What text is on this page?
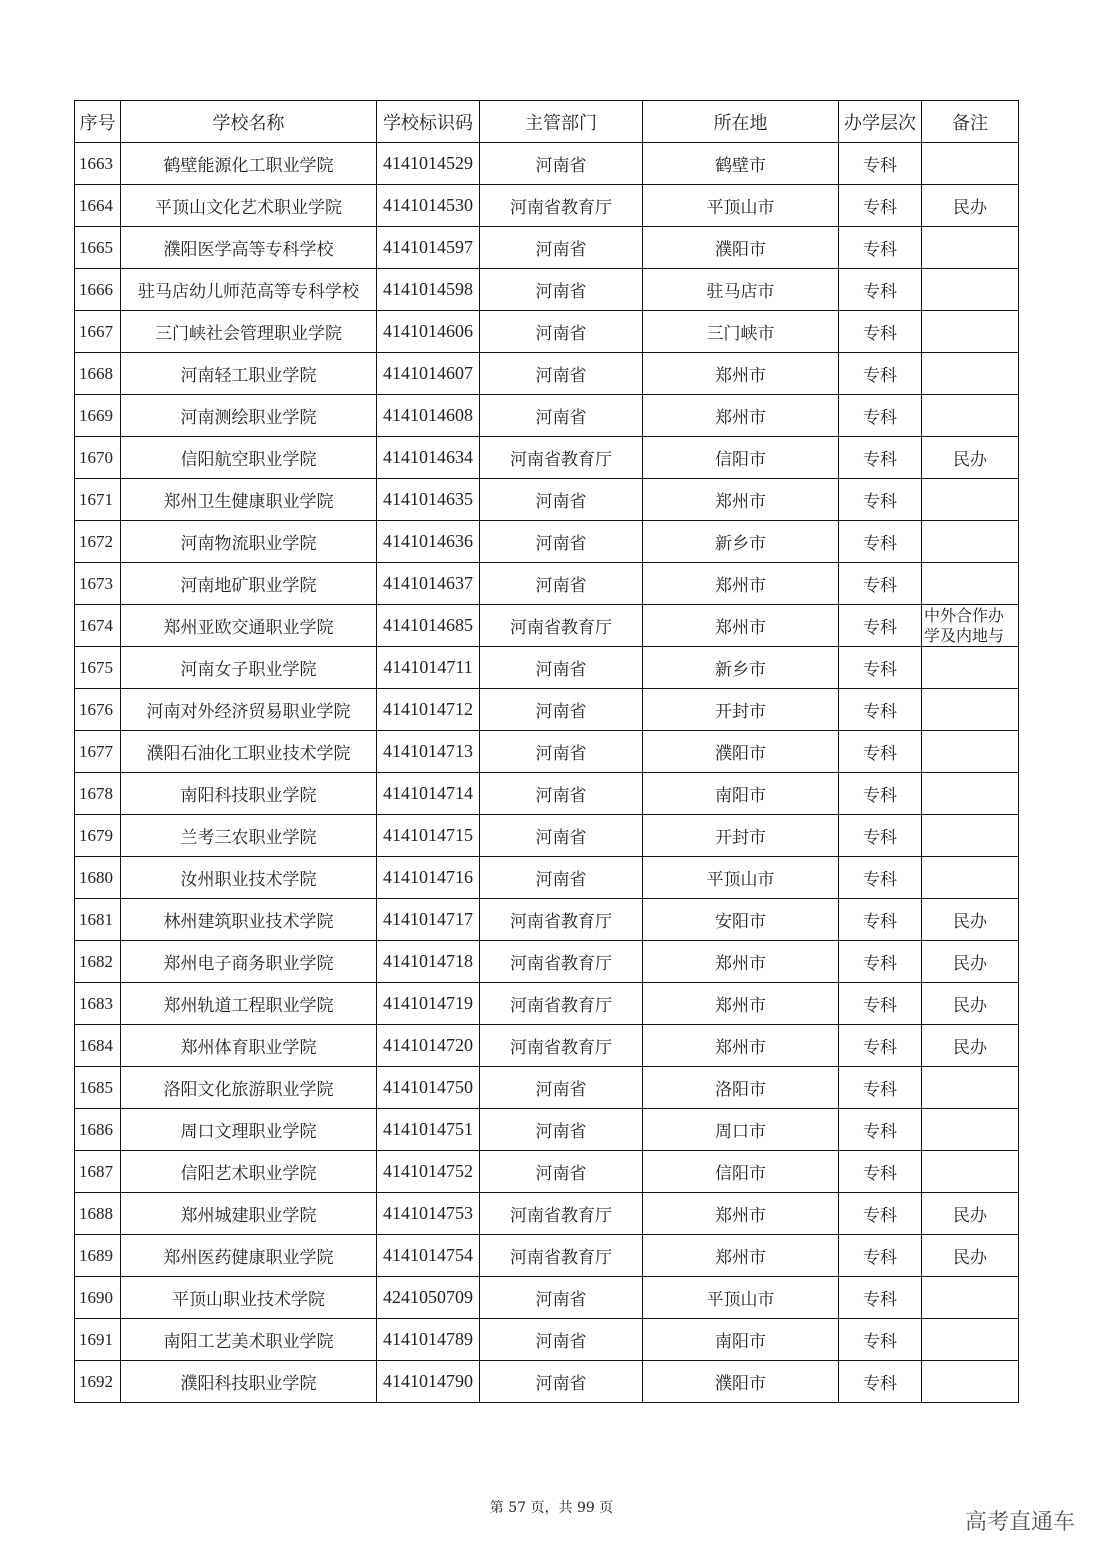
序号	学校名称	学校标识码	主管部门	所在地	办学层次	备注
1663	鹤壁能源化工职业学院	4141014529	河南省	鹤壁市	专科	
1664	平顶山文化艺术职业学院	4141014530	河南省教育厅	平顶山市	专科	民办
1665	濮阳医学高等专科学校	4141014597	河南省	濮阳市	专科	
1666	驻马店幼儿师范高等专科学校	4141014598	河南省	驻马店市	专科	
1667	三门峡社会管理职业学院	4141014606	河南省	三门峡市	专科	
1668	河南轻工职业学院	4141014607	河南省	郑州市	专科	
1669	河南测绘职业学院	4141014608	河南省	郑州市	专科	
1670	信阳航空职业学院	4141014634	河南省教育厅	信阳市	专科	民办
1671	郑州卫生健康职业学院	4141014635	河南省	郑州市	专科	
1672	河南物流职业学院	4141014636	河南省	新乡市	专科	
1673	河南地矿职业学院	4141014637	河南省	郑州市	专科	
1674	郑州亚欧交通职业学院	4141014685	河南省教育厅	郑州市	专科	中外合作办学及内地与
1675	河南女子职业学院	4141014711	河南省	新乡市	专科	
1676	河南对外经济贸易职业学院	4141014712	河南省	开封市	专科	
1677	濮阳石油化工职业技术学院	4141014713	河南省	濮阳市	专科	
1678	南阳科技职业学院	4141014714	河南省	南阳市	专科	
1679	兰考三农职业学院	4141014715	河南省	开封市	专科	
1680	汝州职业技术学院	4141014716	河南省	平顶山市	专科	
1681	林州建筑职业技术学院	4141014717	河南省教育厅	安阳市	专科	民办
1682	郑州电子商务职业学院	4141014718	河南省教育厅	郑州市	专科	民办
1683	郑州轨道工程职业学院	4141014719	河南省教育厅	郑州市	专科	民办
1684	郑州体育职业学院	4141014720	河南省教育厅	郑州市	专科	民办
1685	洛阳文化旅游职业学院	4141014750	河南省	洛阳市	专科	
1686	周口文理职业学院	4141014751	河南省	周口市	专科	
1687	信阳艺术职业学院	4141014752	河南省	信阳市	专科	
1688	郑州城建职业学院	4141014753	河南省教育厅	郑州市	专科	民办
1689	郑州医药健康职业学院	4141014754	河南省教育厅	郑州市	专科	民办
1690	平顶山职业技术学院	4241050709	河南省	平顶山市	专科	
1691	南阳工艺美术职业学院	4141014789	河南省	南阳市	专科	
1692	濮阳科技职业学院	4141014790	河南省	濮阳市	专科	
第 57 页，共 99 页
高考直通车
